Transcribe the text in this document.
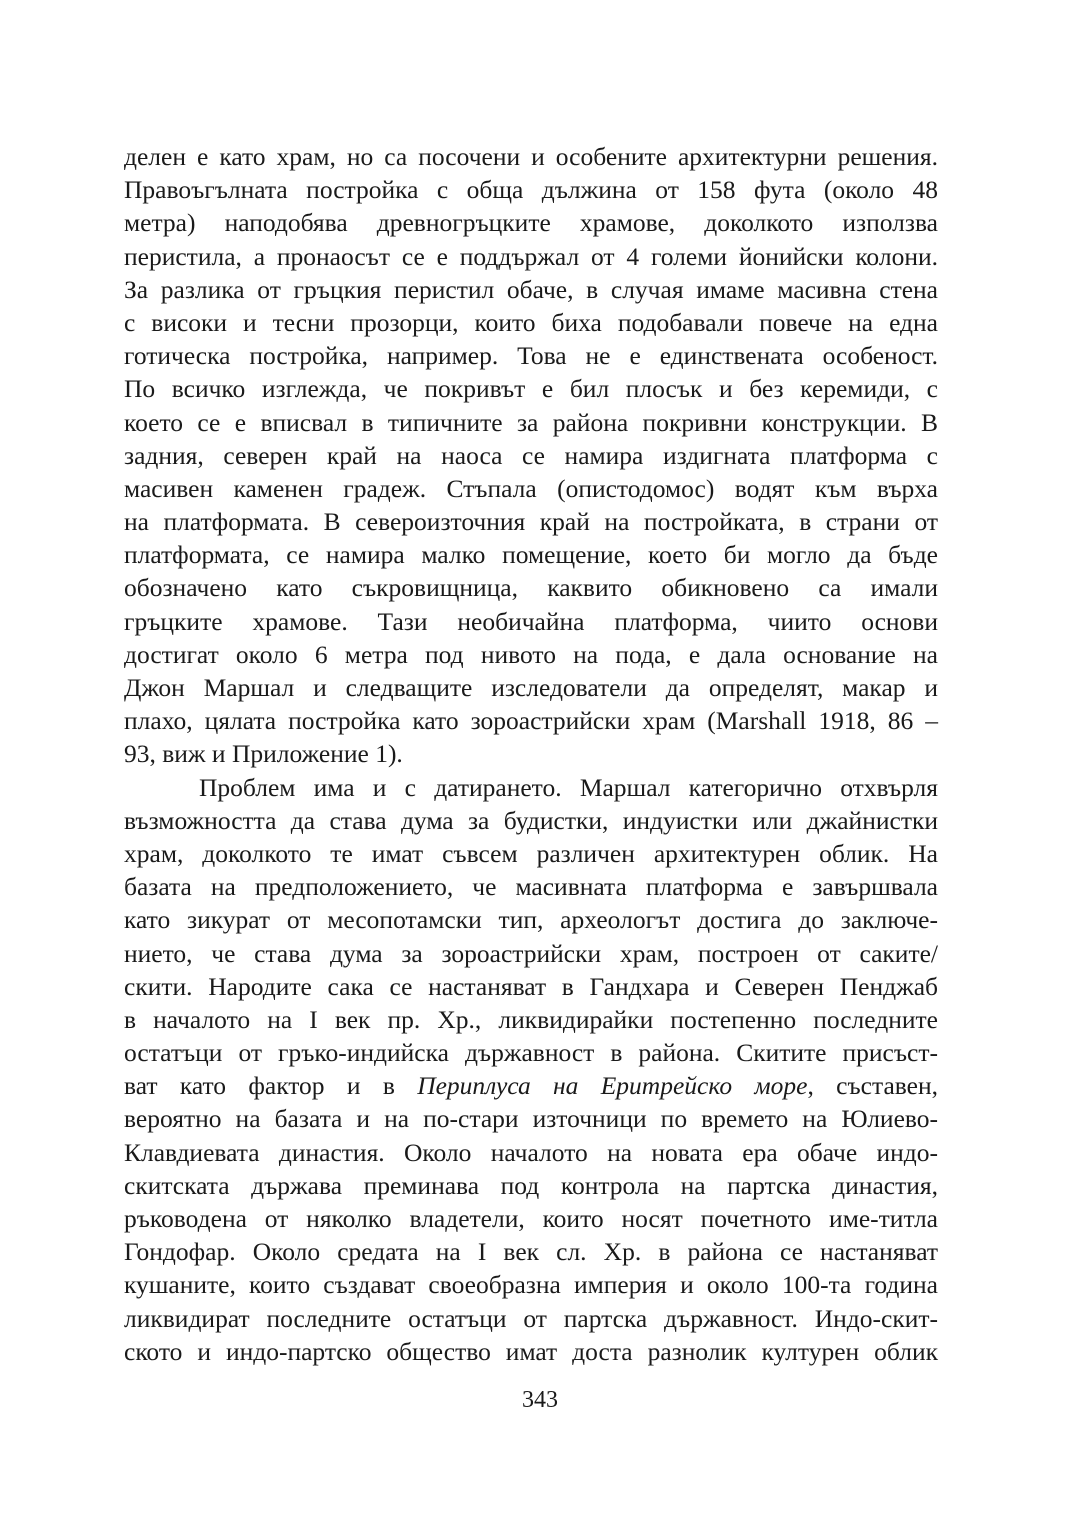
делен е като храм, но са посочени и особените архитектурни решения.
Правоъгълната постройка с обща дължина от 158 фута (около 48
метра) наподобява древногръцките храмове, доколкото използва
перистила, а пронаосът се е поддържал от 4 големи йонийски колони.
За разлика от гръцкия перистил обаче, в случая имаме масивна стена
с високи и тесни прозорци, които биха подобавали повече на една
готическа постройка, например. Това не е единствената особеност.
По всичко изглежда, че покривът е бил плосък и без керемиди, с
което се е вписвал в типичните за района покривни конструкции. В
задния, северен край на наоса се намира издигната платформа с
масивен каменен градеж. Стъпала (опистодомос) водят към върха
на платформата. В североизточния край на постройката, в страни от
платформата, се намира малко помещение, което би могло да бъде
обозначено като съкровищница, каквито обикновено са имали
гръцките храмове. Тази необичайна платформа, чиито основи
достигат около 6 метра под нивото на пода, е дала основание на
Джон Маршал и следващите изследователи да определят, макар и
плахо, цялата постройка като зороастрийски храм (Marshall 1918, 86 –
93, виж и Приложение 1).
Проблем има и с датирането. Маршал категорично отхвърля
възможността да става дума за будистки, индуистки или джайнистки
храм, доколкото те имат съвсем различен архитектурен облик. На
базата на предположението, че масивната платформа е завършвала
като зикурат от месопотамски тип, археологът достига до заключе-
нието, че става дума за зороастрийски храм, построен от саките/
скити. Народите сака се настаняват в Гандхара и Северен Пенджаб
в началото на I век пр. Хр., ликвидирайки постепенно последните
остатъци от гръко-индийска държавност в района. Скитите присъст-
ват като фактор и в Периплуса на Еритрейско море, съставен,
вероятно на базата и на по-стари източници по времето на Юлиево-
Клавдиевата династия. Около началото на новата ера обаче индо-
скитската държава преминава под контрола на партска династия,
ръководена от няколко владетели, които носят почетното име-титла
Гондофар. Около средата на I век сл. Хр. в района се настаняват
кушаните, които създават своеобразна империя и около 100-та година
ликвидират последните остатъци от партска държавност. Индо-скит-
ското и индо-партско общество имат доста разнолик културен облик
343
